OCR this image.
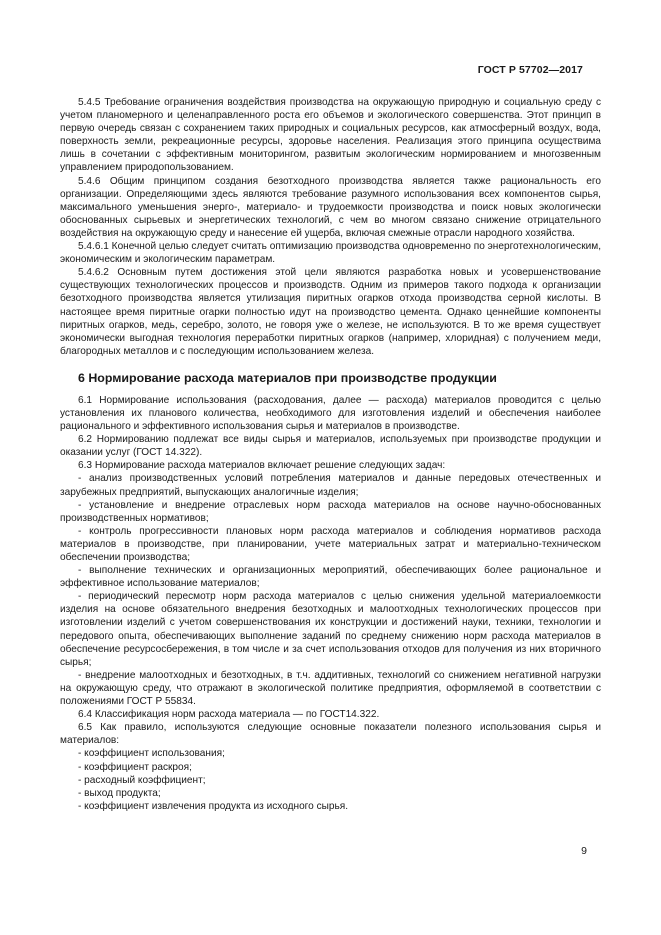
ГОСТ Р 57702—2017

5.4.5 Требование ограничения воздействия производства на окружающую природную и социальную среду с учетом планомерного и целенаправленного роста его объемов и экологического совершенства. Этот принцип в первую очередь связан с сохранением таких природных и социальных ресурсов, как атмосферный воздух, вода, поверхность земли, рекреационные ресурсы, здоровье населения. Реализация этого принципа осуществима лишь в сочетании с эффективным мониторингом, развитым экологическим нормированием и многозвенным управлением природопользованием.

5.4.6 Общим принципом создания безотходного производства является также рациональность его организации. Определяющими здесь являются требование разумного использования всех компонентов сырья, максимального уменьшения энерго-, материало- и трудоемкости производства и поиск новых экологически обоснованных сырьевых и энергетических технологий, с чем во многом связано снижение отрицательного воздействия на окружающую среду и нанесение ей ущерба, включая смежные отрасли народного хозяйства.

5.4.6.1 Конечной целью следует считать оптимизацию производства одновременно по энерготехнологическим, экономическим и экологическим параметрам.

5.4.6.2 Основным путем достижения этой цели являются разработка новых и усовершенствование существующих технологических процессов и производств. Одним из примеров такого подхода к организации безотходного производства является утилизация пиритных огарков отхода производства серной кислоты. В настоящее время пиритные огарки полностью идут на производство цемента. Однако ценнейшие компоненты пиритных огарков, медь, серебро, золото, не говоря уже о железе, не используются. В то же время существует экономически выгодная технология переработки пиритных огарков (например, хлоридная) с получением меди, благородных металлов и с последующим использованием железа.

6 Нормирование расхода материалов при производстве продукции

6.1 Нормирование использования (расходования, далее — расхода) материалов проводится с целью установления их планового количества, необходимого для изготовления изделий и обеспечения наиболее рационального и эффективного использования сырья и материалов в производстве.

6.2 Нормированию подлежат все виды сырья и материалов, используемых при производстве продукции и оказании услуг (ГОСТ 14.322).

6.3 Нормирование расхода материалов включает решение следующих задач:

- анализ производственных условий потребления материалов и данные передовых отечественных и зарубежных предприятий, выпускающих аналогичные изделия;

- установление и внедрение отраслевых норм расхода материалов на основе научно-обоснованных производственных нормативов;

- контроль прогрессивности плановых норм расхода материалов и соблюдения нормативов расхода материалов в производстве, при планировании, учете материальных затрат и материально-техническом обеспечении производства;

- выполнение технических и организационных мероприятий, обеспечивающих более рациональное и эффективное использование материалов;

- периодический пересмотр норм расхода материалов с целью снижения удельной материалоемкости изделия на основе обязательного внедрения безотходных и малоотходных технологических процессов при изготовлении изделий с учетом совершенствования их конструкции и достижений науки, техники, технологии и передового опыта, обеспечивающих выполнение заданий по среднему снижению норм расхода материалов в обеспечение ресурсосбережения, в том числе и за счет использования отходов для получения из них вторичного сырья;

- внедрение малоотходных и безотходных, в т.ч. аддитивных, технологий со снижением негативной нагрузки на окружающую среду, что отражают в экологической политике предприятия, оформляемой в соответствии с положениями ГОСТ Р 55834.

6.4 Классификация норм расхода материала — по ГОСТ14.322.

6.5 Как правило, используются следующие основные показатели полезного использования сырья и материалов:

- коэффициент использования;

- коэффициент раскроя;

- расходный коэффициент;

- выход продукта;

- коэффициент извлечения продукта из исходного сырья.

9
